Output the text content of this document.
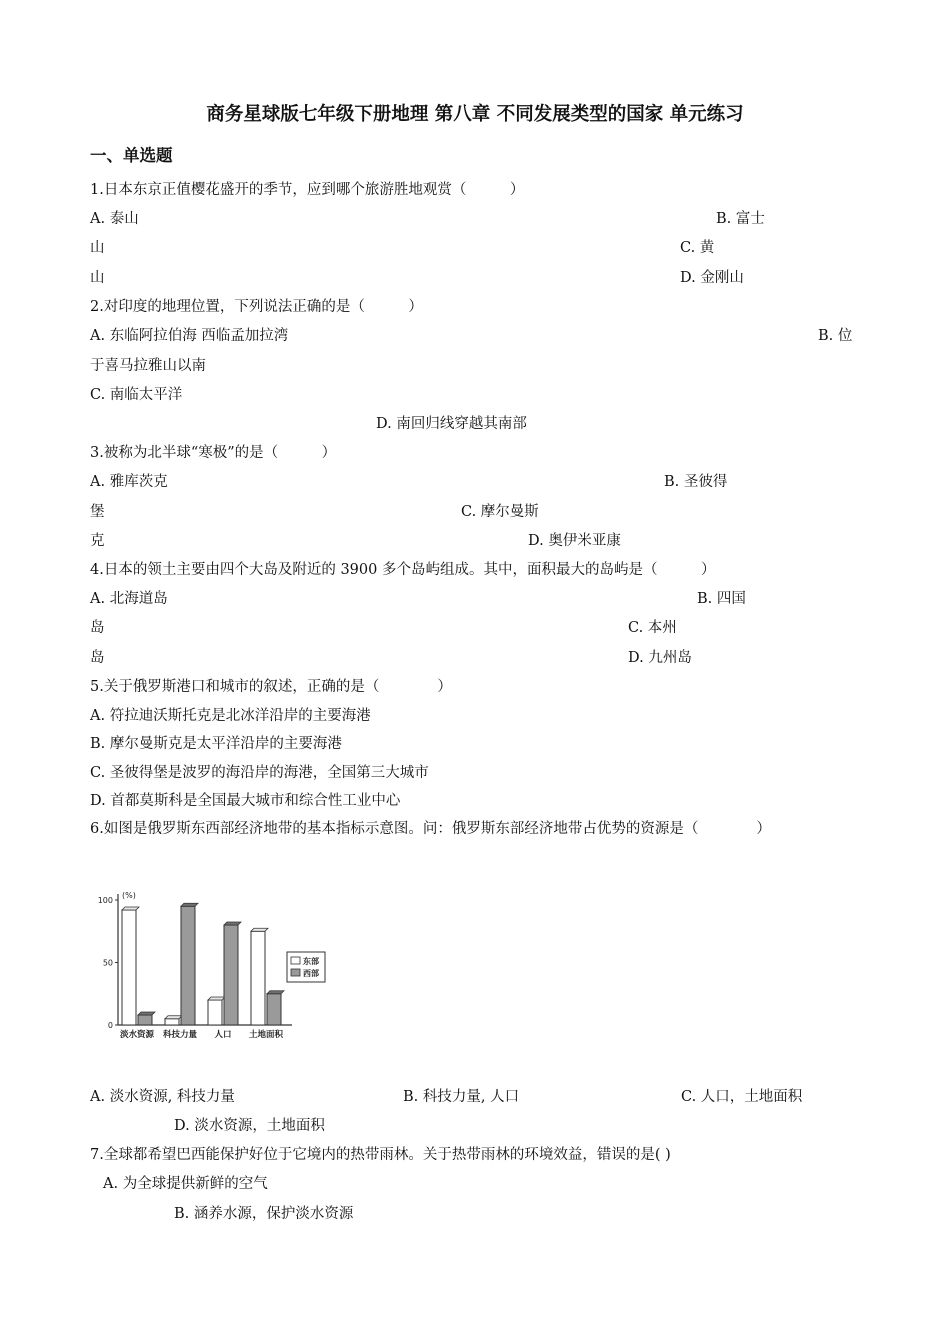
商务星球版七年级下册地理 第八章 不同发展类型的国家 单元练习
一、单选题
1.日本东京正值樱花盛开的季节，应到哪个旅游胜地观赏（　　　）
A. 泰山	B. 富士
山	C. 黄
山	D. 金刚山
2.对印度的地理位置，下列说法正确的是（　　　）
A. 东临阿拉伯海 西临孟加拉湾	B. 位
于喜马拉雅山以南
C. 南临太平洋
D. 南回归线穿越其南部
3.被称为北半球“寒极”的是（　　　）
A. 雅库茨克	B. 圣彼得
堡	C. 摩尔曼斯
克	D. 奥伊米亚康
4.日本的领土主要由四个大岛及附近的 3900 多个岛屿组成。其中，面积最大的岛屿是（　　　）
A. 北海道岛	B. 四国
岛	C. 本州
岛	D. 九州岛
5.关于俄罗斯港口和城市的叙述，正确的是（　　　　）
A. 符拉迪沃斯托克是北冰洋沿岸的主要海港
B. 摩尔曼斯克是太平洋沿岸的主要海港
C. 圣彼得堡是波罗的海沿岸的海港，全国第三大城市
D. 首都莫斯科是全国最大城市和综合性工业中心
6.如图是俄罗斯东西部经济地带的基本指标示意图。问：俄罗斯东部经济地带占优势的资源是（　　　　）
(%)
0
50
100
淡水资源 科技力量 人口 土地面积
东部
西部
A. 淡水资源, 科技力量	B. 科技力量, 人口	C. 人口，土地面积
D. 淡水资源，土地面积
7.全球都希望巴西能保护好位于它境内的热带雨林。关于热带雨林的环境效益，错误的是( )
A. 为全球提供新鲜的空气
B. 涵养水源，保护淡水资源
